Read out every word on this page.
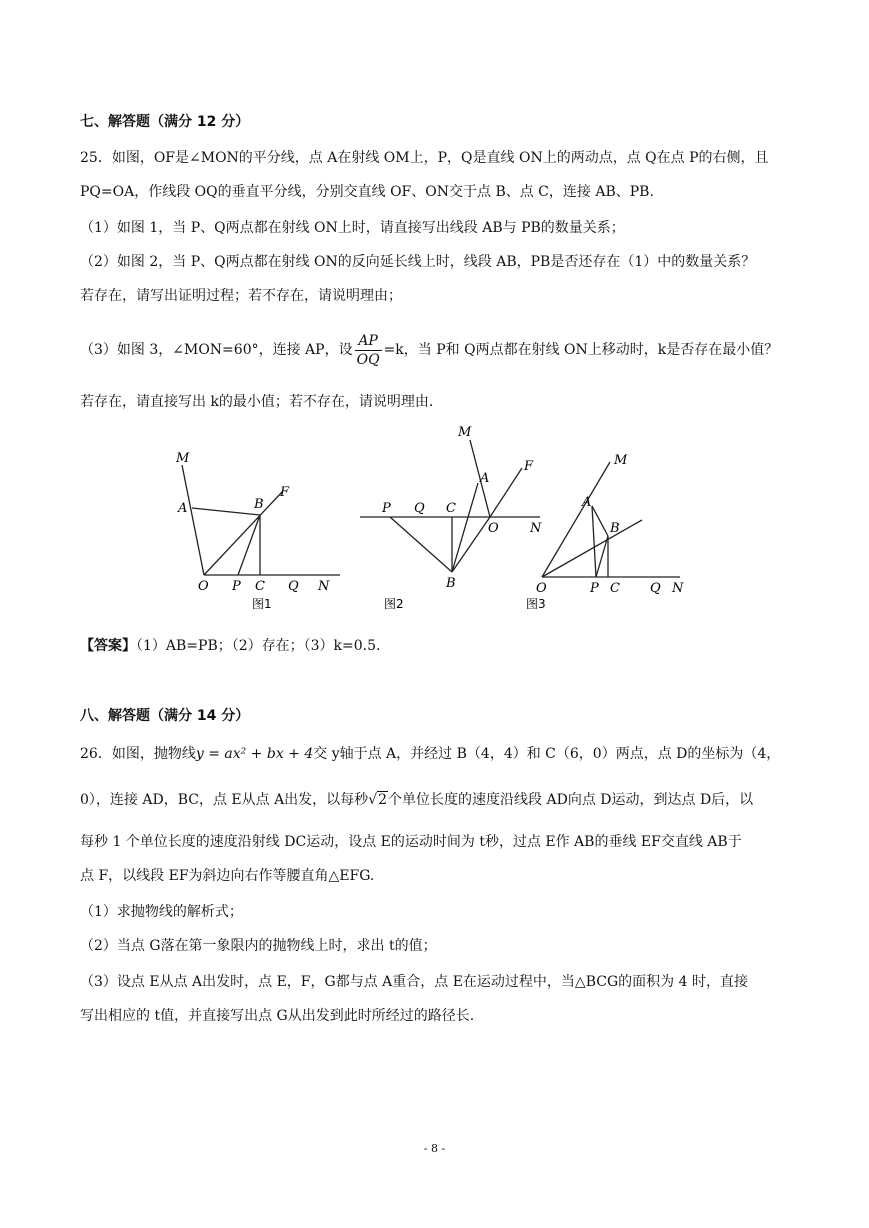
七、解答题（满分 12 分）
25．如图，OF是∠MON的平分线，点 A在射线 OM上，P，Q是直线 ON上的两动点，点 Q在点 P的右侧，且
PQ=OA，作线段 OQ的垂直平分线，分别交直线 OF、ON交于点 B、点 C，连接 AB、PB.
（1）如图 1，当 P、Q两点都在射线 ON上时，请直接写出线段 AB与 PB的数量关系；
（2）如图 2，当 P、Q两点都在射线 ON的反向延长线上时，线段 AB，PB是否还存在（1）中的数量关系？
若存在，请写出证明过程；若不存在，请说明理由；
（3）如图 3，∠MON=60°，连接 AP，设 $\frac{AP}{OQ} =k$，当 P和 Q两点都在射线 ON上移动时，k是否存在最小值？
若存在，请直接写出 k的最小值；若不存在，请说明理由.
M
A	B
F
O P C Q N
图1
M
A
F
P Q C
O N
B
图2
M
A
B
O	P C Q N
图3
【答案】（1）AB=PB；（2）存在；（3）k=0.5.
八、解答题（满分 14 分）
26．如图，抛物线y = ax² + bx + 4交 y轴于点 A，并经过 B（4，4）和 C（6，0）两点，点 D的坐标为（4，
0），连接 AD，BC，点 E从点 A出发，以每秒√2个单位长度的速度沿线段 AD向点 D运动，到达点 D后，以
每秒 1 个单位长度的速度沿射线 DC运动，设点 E的运动时间为 t秒，过点 E作 AB的垂线 EF交直线 AB于
点 F，以线段 EF为斜边向右作等腰直角△EFG.
（1）求抛物线的解析式；
（2）当点 G落在第一象限内的抛物线上时，求出 t的值；
（3）设点 E从点 A出发时，点 E，F，G都与点 A重合，点 E在运动过程中，当△BCG的面积为 4 时，直接
写出相应的 t值，并直接写出点 G从出发到此时所经过的路径长.
- 8 -
